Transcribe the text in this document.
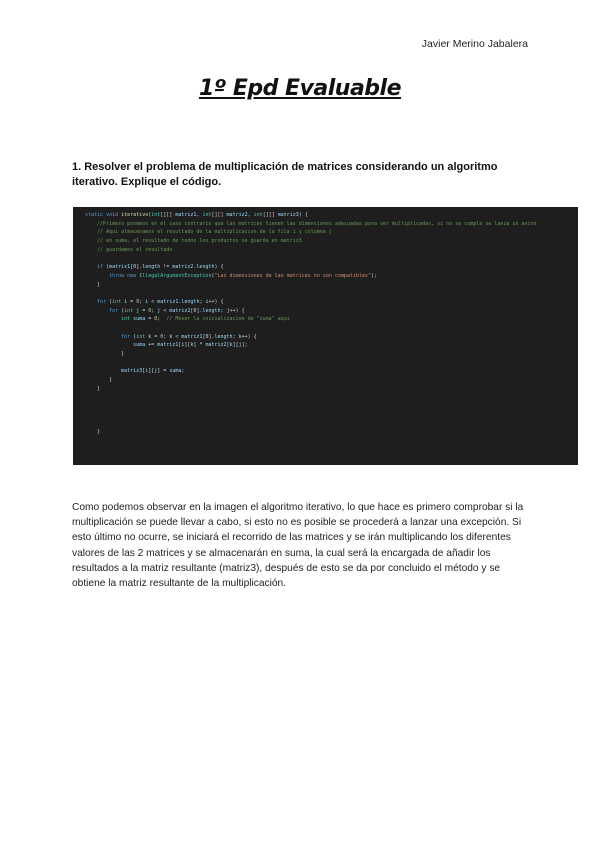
Javier Merino Jabalera
1º Epd Evaluable
1. Resolver el problema de multiplicación de matrices considerando un algoritmo iterativo. Explique el código.
static void iterativo(int[][] matriz1, int[][] matriz2, int[][] matriz3) {
//Primero ponemos en el caso contrario que las matrices tienen las dimensiones adecuadas para ser multiplicadas, si no se cumple se lanza un aviso
// Aqui almacenamos el resultado de la multiplicacion de la fila i y columna j
// en suma, el resultado de todos los productos se guarda en matriz3
// guardamos el resultado
if (matriz1[0].length != matriz2.length) {
throw new IllegalArgumentException("Las dimensiones de las matrices no son compatibles");
}
for (int i = 0; i < matriz1.length; i++) {
for (int j = 0; j < matriz2[0].length; j++) {
int suma = 0;  // Mover la inicializacion de "suma" aqui
for (int k = 0; k < matriz1[0].length; k++) {
suma += matriz1[i][k] * matriz2[k][j];
}
matriz3[i][j] = suma;
}
}
}
Como podemos observar en la imagen el algoritmo iterativo, lo que hace es primero comprobar si la multiplicación se puede llevar a cabo, si esto no es posible se procederá a lanzar una excepción. Si esto último no ocurre, se iniciará el recorrido de las matrices y se irán multiplicando los diferentes valores de las 2 matrices y se almacenarán en suma, la cual será la encargada de añadir los resultados a la matriz resultante (matriz3), después de esto se da por concluido el método y se obtiene la matriz resultante de la multiplicación.
